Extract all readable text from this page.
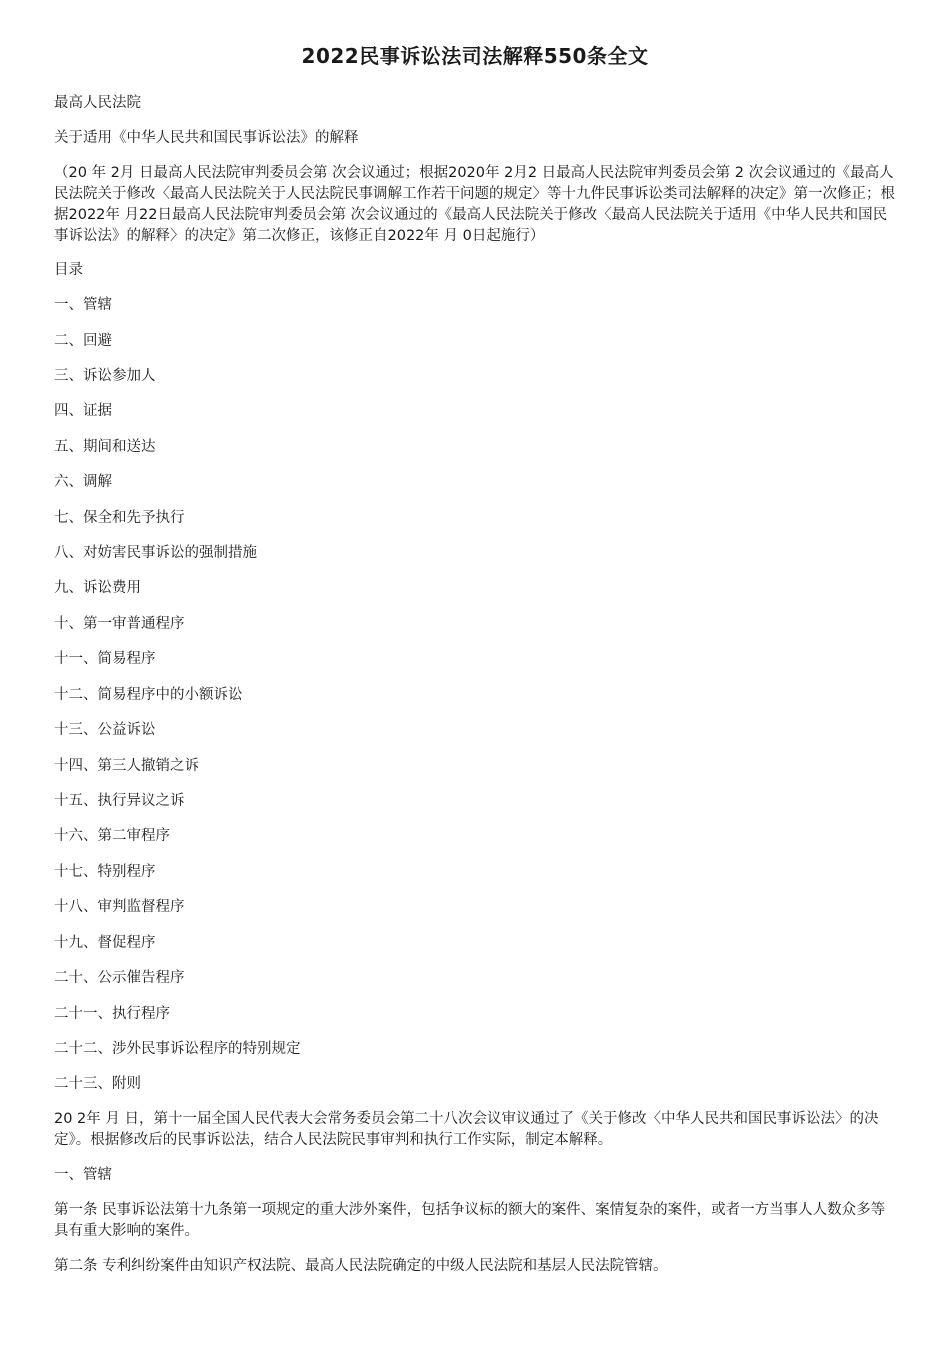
2022民事诉讼法司法解释550条全文

最高人民法院

关于适用《中华人民共和国民事诉讼法》的解释

（20 年 2月 日最高人民法院审判委员会第 次会议通过；根据2020年 2月2 日最高人民法院审判委员会第 2 次会议通过的《最高人民法院关于修改〈最高人民法院关于人民法院民事调解工作若干问题的规定〉等十九件民事诉讼类司法解释的决定》第一次修正；根据2022年 月22日最高人民法院审判委员会第 次会议通过的《最高人民法院关于修改〈最高人民法院关于适用《中华人民共和国民事诉讼法》的解释〉的决定》第二次修正，该修正自2022年 月 0日起施行）

目录

一、管辖

二、回避

三、诉讼参加人

四、证据

五、期间和送达

六、调解

七、保全和先予执行

八、对妨害民事诉讼的强制措施

九、诉讼费用

十、第一审普通程序

十一、简易程序

十二、简易程序中的小额诉讼

十三、公益诉讼

十四、第三人撤销之诉

十五、执行异议之诉

十六、第二审程序

十七、特别程序

十八、审判监督程序

十九、督促程序

二十、公示催告程序

二十一、执行程序

二十二、涉外民事诉讼程序的特别规定

二十三、附则

20 2年 月 日，第十一届全国人民代表大会常务委员会第二十八次会议审议通过了《关于修改〈中华人民共和国民事诉讼法〉的决定》。根据修改后的民事诉讼法，结合人民法院民事审判和执行工作实际，制定本解释。

一、管辖

第一条 民事诉讼法第十九条第一项规定的重大涉外案件，包括争议标的额大的案件、案情复杂的案件，或者一方当事人人数众多等具有重大影响的案件。

第二条 专利纠纷案件由知识产权法院、最高人民法院确定的中级人民法院和基层人民法院管辖。
